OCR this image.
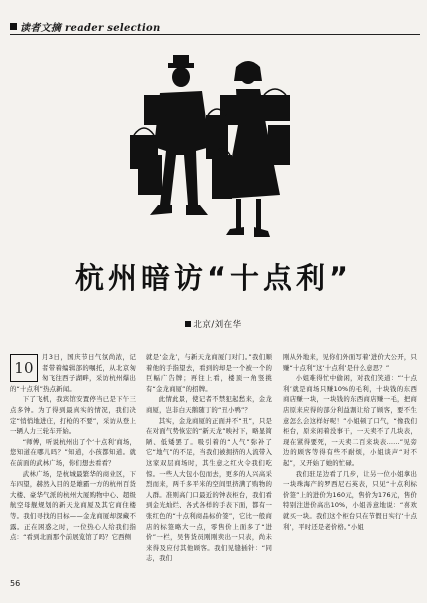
读者文摘 reader selection
杭州暗访“十点利”
北京/刘在华
10

月3日，国庆节日气氛尚浓，记者带着编辑部的嘱托，从北京匆匆飞往西子湖畔，采访杭州爆出的“十点利”热点新闻。

下了飞机，我宾馆安置停当已是下午三点多钟。为了得到最真实的情况，我们决定“悄悄地进庄，打枪的不要”，采访从登上一辆人力三轮车开始。

“师傅，听说杭州出了个‘十点利’商场，您知道在哪儿吗？”知道，小孩都知道。就在前面的武林广场，你们想去看看？

武林广场，是杭城最繁华的商业区，下车四望，赫然入目的是雄霸一方的杭州百货大楼、豪华气派的杭州大厦购物中心、超级航空母舰规划的新天龙商厦及其它商住楼等。我们寻找的目标——金龙商厦却深藏不露。正在困惑之时，一位热心人给我们指点：“看到北面那个前展览馆了吗？它西侧

就是‘金龙’，与新天龙商厦门对门。”我们顺着他的手指望去，看到的却是一个被一个的巨幅广告牌；再往上看，楼顶一角竖挑有“金龙商厦”的招牌。

此情此景，使记者不禁犯起愁来，金龙商厦，岂非白天鹅随丁的“丑小鸭”？

其实，金龙商厦的正面并不“丑”，只是在对面气势恢宏的“新天龙”映衬下，略显简陋、低矮罢了。吸引着的“人气”弥补了它“地气”的不足，当我们被拥挤的人流带入这家双层商场时，其生意之红火令我们吃惊。一些人大包小包而去，更多的人兴高采烈而来，两千多平米的空间里挤满了购物的人群。准则高门口最近的钟表柜台，我们看到金光灿烂、各式各样的手表下面，都有一张红色的“十点利商品标价签”，它比一般商店的标签略大一点，零售价上面多了“进价”一栏，吴售货员刚刚卖出一只表，尚未来得及应付其他顾客。我们见缝插针：“同志，我们

刚从外地来，见你们外面写着‘进价大公开，只赚“十点利”这‘十点利’是什么意思？”

小姐难得忙中偷闲，对我们笑道：“‘十点利’就是商场只赚10%的毛利，十块钱的东西商店赚一块，一块钱的东西商店赚一毛，把商店原来应得的部分利益割让给了顾客，要不生意怎么会这样好呢！”小姐顿了口气，“像我们柜台，原来闲着没事干，一天卖不了几块表，现在紧得要死，一天卖二百来块表……”见旁边的顾客等得有些不耐烦，小姐谈声“对不起”，又开始了她的忙碌。

我们驻足边看了几步，让另一位小姐拿出一块珠海产的罗西尼石英表，只见“十点利标价签”上的进价为160元，售价为176元，售价特别注进价高出10%，小姐善意地说：“喜欢就买一块。我们这个柜台只在节假日实行‘十点利’，平时还是老价格。”小姐

56
